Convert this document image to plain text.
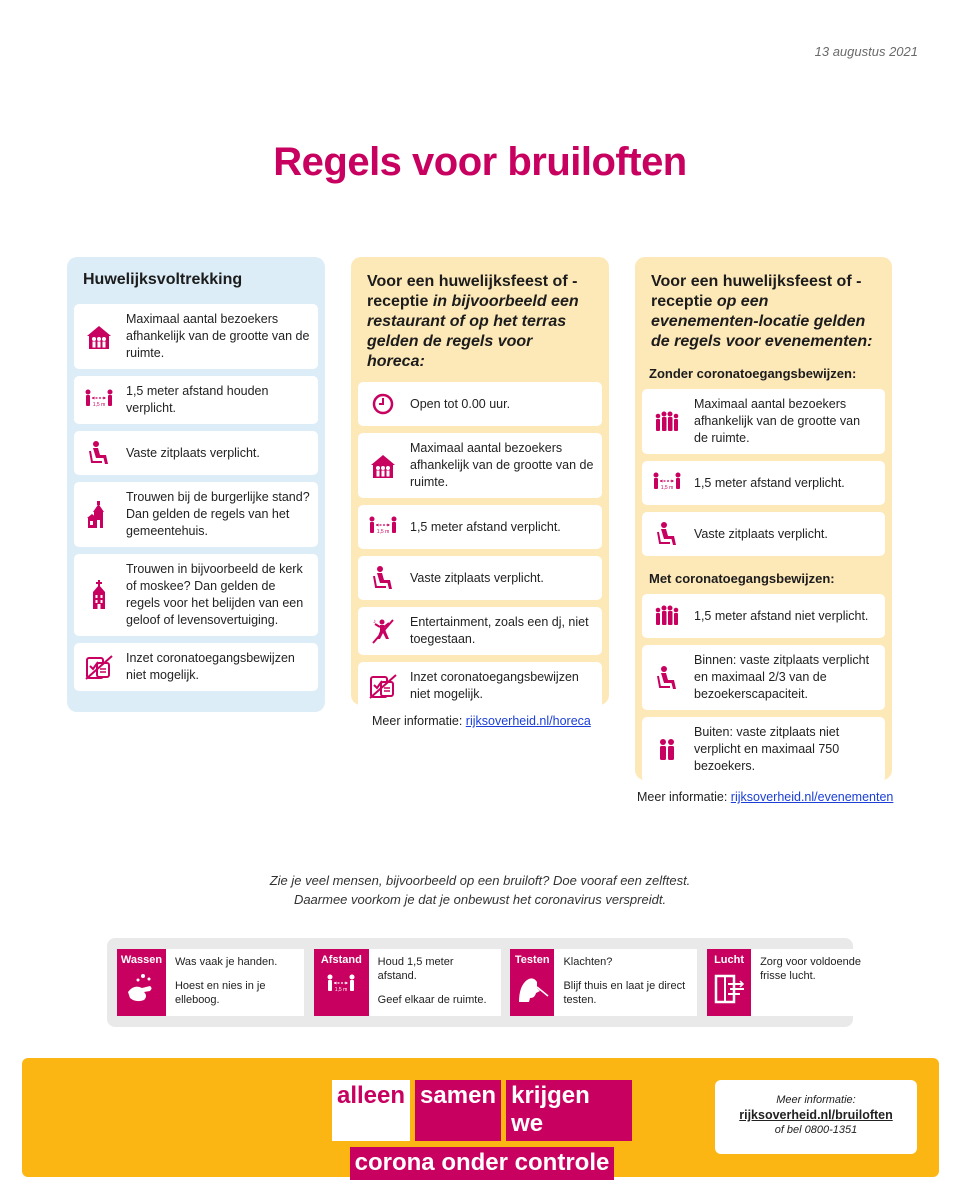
13 augustus 2021
Regels voor bruiloften
Huwelijksvoltrekking
Maximaal aantal bezoekers afhankelijk van de grootte van de ruimte.
1,5 m
1,5 meter afstand houden verplicht.
Vaste zitplaats verplicht.
Trouwen bij de burgerlijke stand? Dan gelden de regels van het gemeentehuis.
Trouwen in bijvoorbeeld de kerk of moskee? Dan gelden de regels voor het belijden van een geloof of levensovertuiging.
Inzet coronatoegangsbewijzen niet mogelijk.
Voor een huwelijksfeest of -receptie in bijvoorbeeld een restaurant of op het terras gelden de regels voor horeca:
Open tot 0.00 uur.
Maximaal aantal bezoekers afhankelijk van de grootte van de ruimte.
1,5 m 1,5 meter afstand verplicht.
Vaste zitplaats verplicht.
♪	Entertainment, zoals een dj, niet toegestaan.
Inzet coronatoegangsbewijzen niet mogelijk.
Meer informatie: rijksoverheid.nl/horeca
Voor een huwelijksfeest of -receptie op een evenementen-locatie gelden de regels voor evenementen:
Zonder coronatoegangsbewijzen:
Maximaal aantal bezoekers afhankelijk van de grootte van de ruimte.
1,5 m 1,5 meter afstand verplicht.
Vaste zitplaats verplicht.
Met coronatoegangsbewijzen:
1,5 meter afstand niet verplicht.
Binnen: vaste zitplaats verplicht en maximaal 2/3 van de bezoekerscapaciteit.
Buiten: vaste zitplaats niet verplicht en maximaal 750 bezoekers.
Meer informatie: rijksoverheid.nl/evenementen
Zie je veel mensen, bijvoorbeeld op een bruiloft? Doe vooraf een zelftest.
Daarmee voorkom je dat je onbewust het coronavirus verspreidt.
Wassen Was vaak je handen.

Hoest en nies in je elleboog.

Afstand
1,5 m

Houd 1,5 meter afstand.

Geef elkaar de ruimte.

Testen Klachten?

Blijf thuis en laat je direct testen.

Lucht Zorg voor voldoende frisse lucht.

alleen samen krijgen we
corona onder controle
Meer informatie:
rijksoverheid.nl/bruiloften
of bel 0800-1351
